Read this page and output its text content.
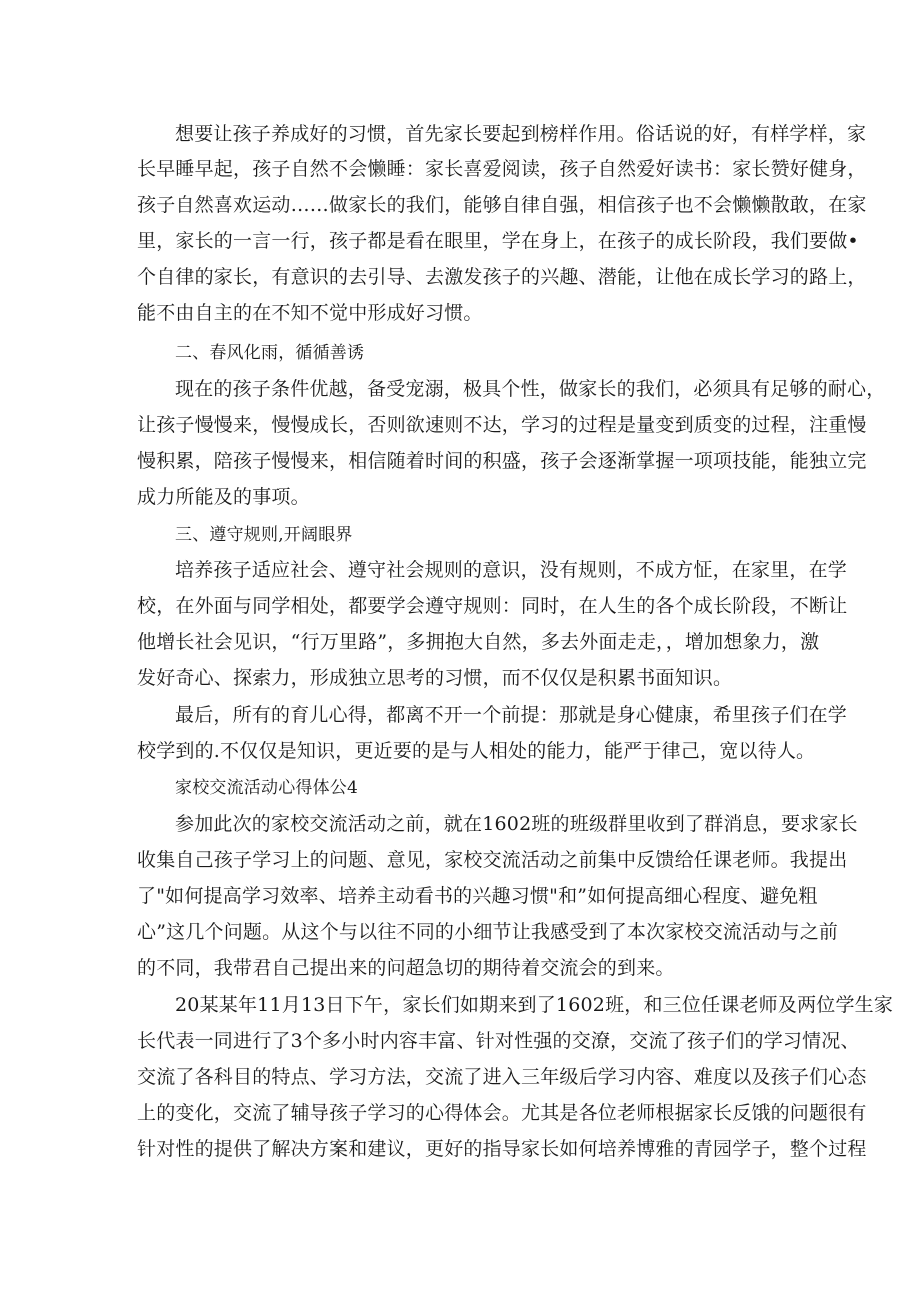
想要让孩子养成好的习惯，首先家长要起到榜样作用。俗话说的好，有样学样，家
长早睡早起，孩子自然不会懒睡：家长喜爱阅读，孩子自然爱好读书：家长赞好健身，
孩子自然喜欢运动……做家长的我们，能够自律自强，相信孩子也不会懒懒散敢，在家
里，家长的一言一行，孩子都是看在眼里，学在身上，在孩子的成长阶段，我们要做•
个自律的家长，有意识的去引导、去激发孩子的兴趣、潜能，让他在成长学习的路上，
能不由自主的在不知不觉中形成好习惯。
二、春风化雨，循循善诱
现在的孩子条件优越，备受宠溺，极具个性，做家长的我们，必须具有足够的耐心，
让孩子慢慢来，慢慢成长，否则欲速则不达，学习的过程是量变到质变的过程，注重慢
慢积累，陪孩子慢慢来，相信随着时间的积盛，孩子会逐渐掌握一项项技能，能独立完
成力所能及的事项。
三、遵守规则,开阔眼界
培养孩子适应社会、遵守社会规则的意识，没有规则，不成方怔，在家里，在学
校，在外面与同学相处，都要学会遵守规则：同时，在人生的各个成长阶段，不断让
他增长社会见识，“行万里路”，多拥抱大自然，多去外面走走，，增加想象力，激
发好奇心、探索力，形成独立思考的习惯，而不仅仅是积累书面知识。
最后，所有的育儿心得，都离不开一个前提：那就是身心健康，希里孩子们在学
校学到的.不仅仅是知识，更近要的是与人相处的能力，能严于律己，宽以待人。
家校交流活动心得体公4
参加此次的家校交流活动之前，就在1602班的班级群里收到了群消息，要求家长
收集自己孩子学习上的问题、意见，家校交流活动之前集中反馈给任课老师。我提出
了"如何提高学习效率、培养主动看书的兴趣习惯"和”如何提高细心程度、避免粗
心”这几个问题。从这个与以往不同的小细节让我感受到了本次家校交流活动与之前
的不同，我带君自己提出来的问超急切的期待着交流会的到来。
20某某年11月13日下午，家长们如期来到了1602班，和三位任课老师及两位学生家
长代表一同进行了3个多小时内容丰富、针对性强的交潦，交流了孩子们的学习情况、
交流了各科目的特点、学习方法，交流了进入三年级后学习内容、难度以及孩子们心态
上的变化，交流了辅导孩子学习的心得体会。尤其是各位老师根据家长反饿的问题很有
针对性的提供了解决方案和建议，更好的指导家长如何培养博雅的青园学子，整个过程
